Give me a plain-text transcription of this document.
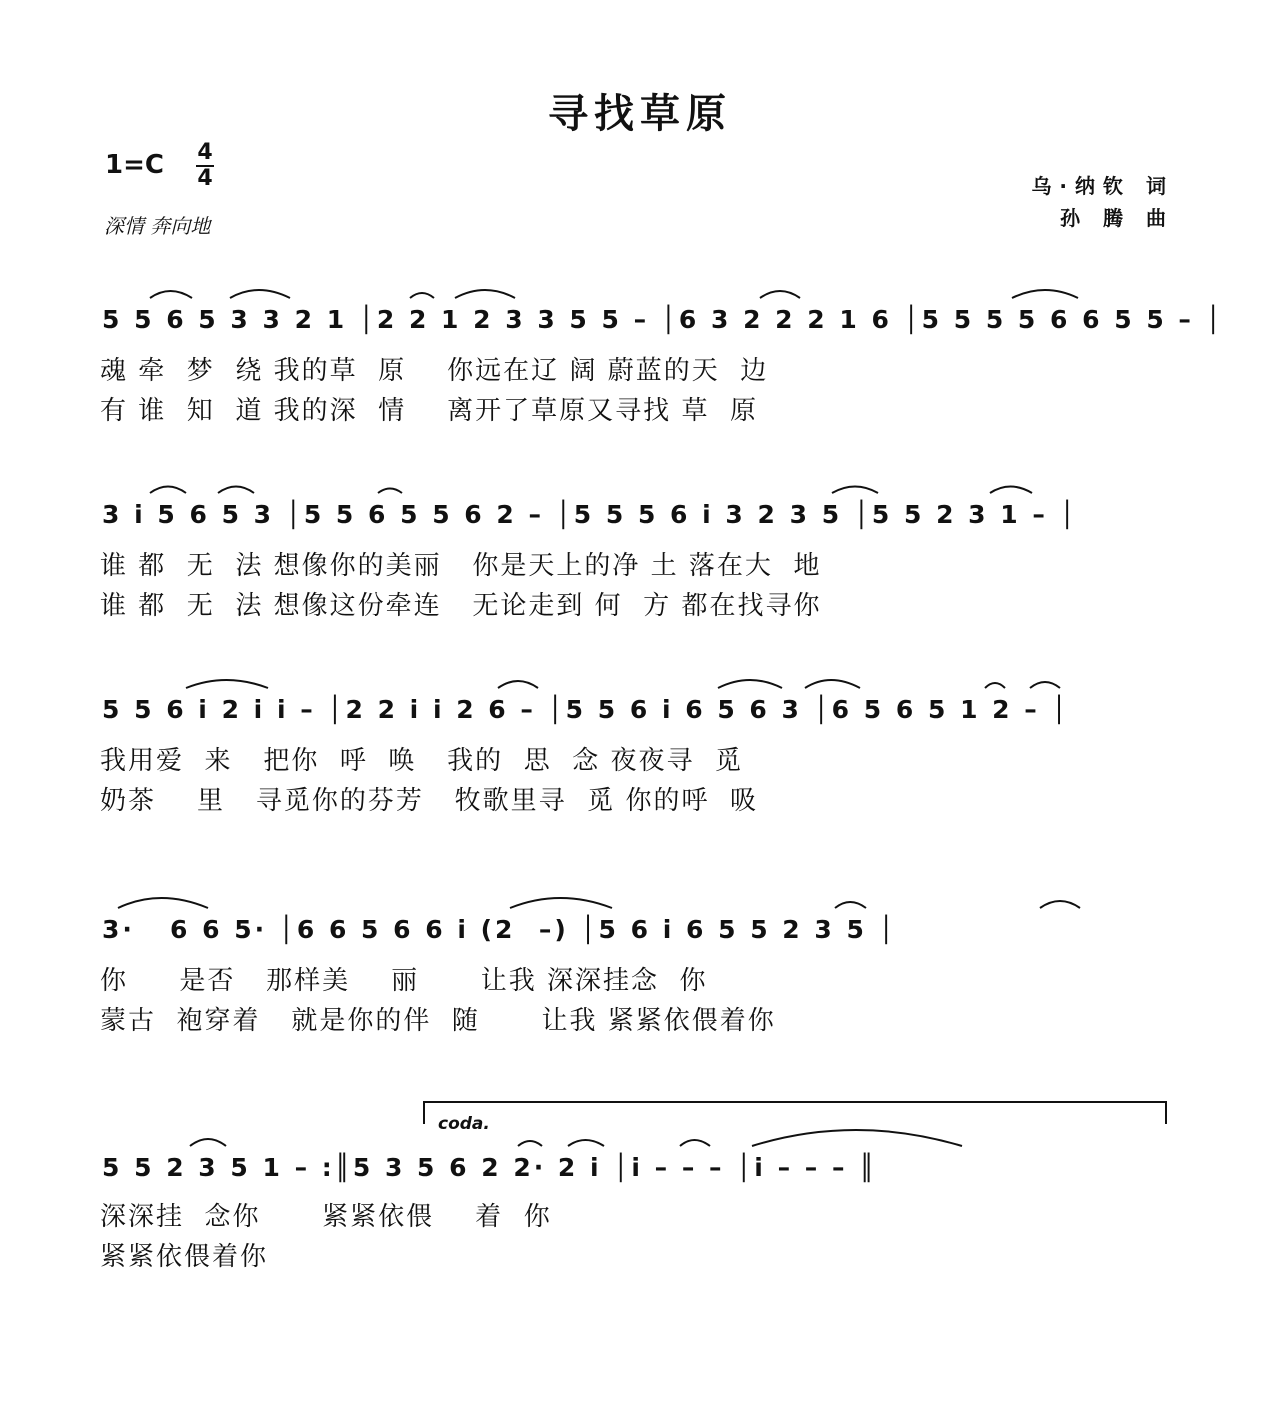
寻找草原
1=C 4
4
深情 奔向地
乌·纳钦 词
孙 腾 曲
5 5 6 5 3 3 2 1 │2 2 1 2 3 3 5 5 – │6 3 2 2 2 1 6 │5 5 5 5 6 6 5 5 – │
魂 牵  梦  绕 我的草  原    你远在辽 阔 蔚蓝的天  边
有 谁  知  道 我的深  情    离开了草原又寻找 草  原
3 i 5 6 5 3 │5 5 6 5 5 6 2 – │5 5 5 6 i 3 2 3 5 │5 5 2 3 1 – │
谁 都  无  法 想像你的美丽   你是天上的净 土 落在大  地
谁 都  无  法 想像这份牵连   无论走到 何  方 都在找寻你
5 5 6 i 2 i i – │2 2 i i 2 6 – │5 5 6 i 6 5 6 3 │6 5 6 5 1 2 – │
我用爱  来   把你  呼  唤   我的  思  念 夜夜寻  觅
奶茶    里   寻觅你的芬芳   牧歌里寻  觅 你的呼  吸
3·   6 6 5· │6 6 5 6 6 i (2  –) │5 6 i 6 5 5 2 3 5 │
你     是否   那样美    丽      让我 深深挂念  你
蒙古  袍穿着   就是你的伴  随      让我 紧紧依偎着你
coda.
5 5 2 3 5 1 – :║5 3 5 6 2 2· 2 i │i – – – │i – – – ║
深深挂  念你      紧紧依偎    着  你
紧紧依偎着你
